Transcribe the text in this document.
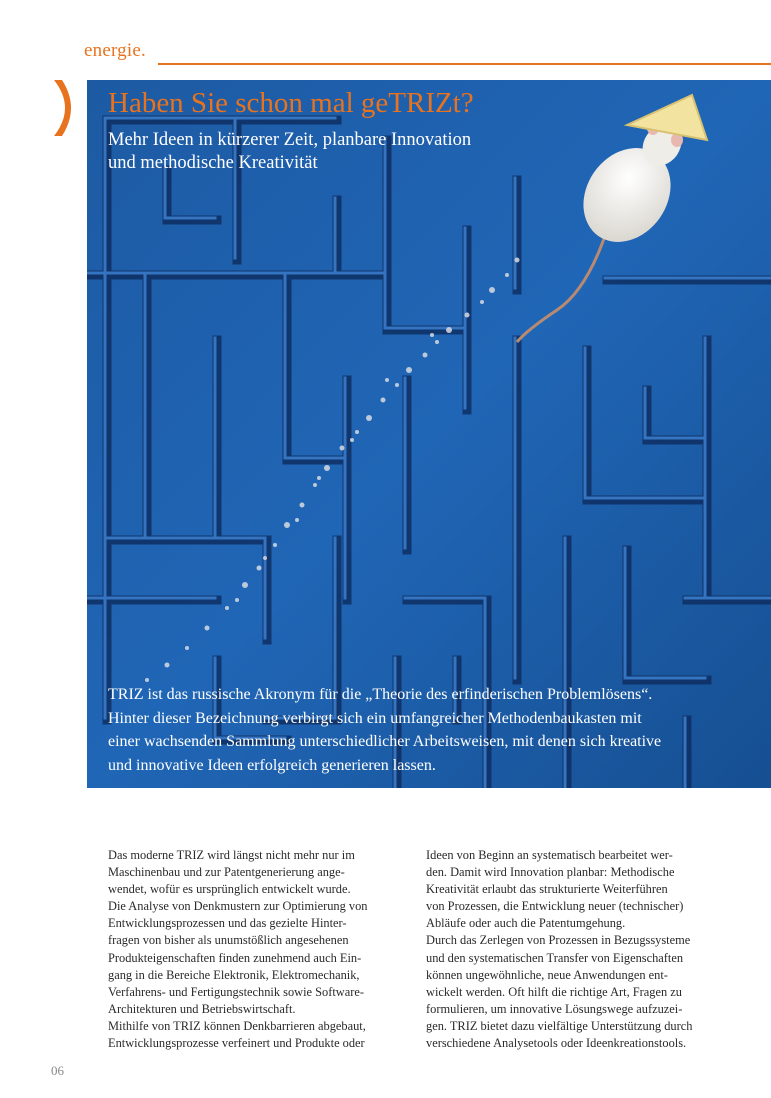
energie.
Haben Sie schon mal geTRIZt?
Mehr Ideen in kürzerer Zeit, planbare Innovation
und methodische Kreativität
TRIZ ist das russische Akronym für die „Theorie des erfinderischen Problemlösens“.
Hinter dieser Bezeichnung verbirgt sich ein umfangreicher Methodenbaukasten mit
einer wachsenden Sammlung unterschiedlicher Arbeitsweisen, mit denen sich kreative
und innovative Ideen erfolgreich generieren lassen.
Das moderne TRIZ wird längst nicht mehr nur im
Maschinenbau und zur Patentgenerierung ange-
wendet, wofür es ursprünglich entwickelt wurde.
Die Analyse von Denkmustern zur Optimierung von
Entwicklungsprozessen und das gezielte Hinter-
fragen von bisher als unumstößlich angesehenen
Produkteigenschaften finden zunehmend auch Ein-
gang in die Bereiche Elektronik, Elektromechanik,
Verfahrens- und Fertigungstechnik sowie Software-
Architekturen und Betriebswirtschaft.
Mithilfe von TRIZ können Denkbarrieren abgebaut,
Entwicklungsprozesse verfeinert und Produkte oder
Ideen von Beginn an systematisch bearbeitet wer-
den. Damit wird Innovation planbar: Methodische
Kreativität erlaubt das strukturierte Weiterführen
von Prozessen, die Entwicklung neuer (technischer)
Abläufe oder auch die Patentumgehung.
Durch das Zerlegen von Prozessen in Bezugssysteme
und den systematischen Transfer von Eigenschaften
können ungewöhnliche, neue Anwendungen ent-
wickelt werden. Oft hilft die richtige Art, Fragen zu
formulieren, um innovative Lösungswege aufzuzei-
gen. TRIZ bietet dazu vielfältige Unterstützung durch
verschiedene Analysetools oder Ideenkreationstools.
06
